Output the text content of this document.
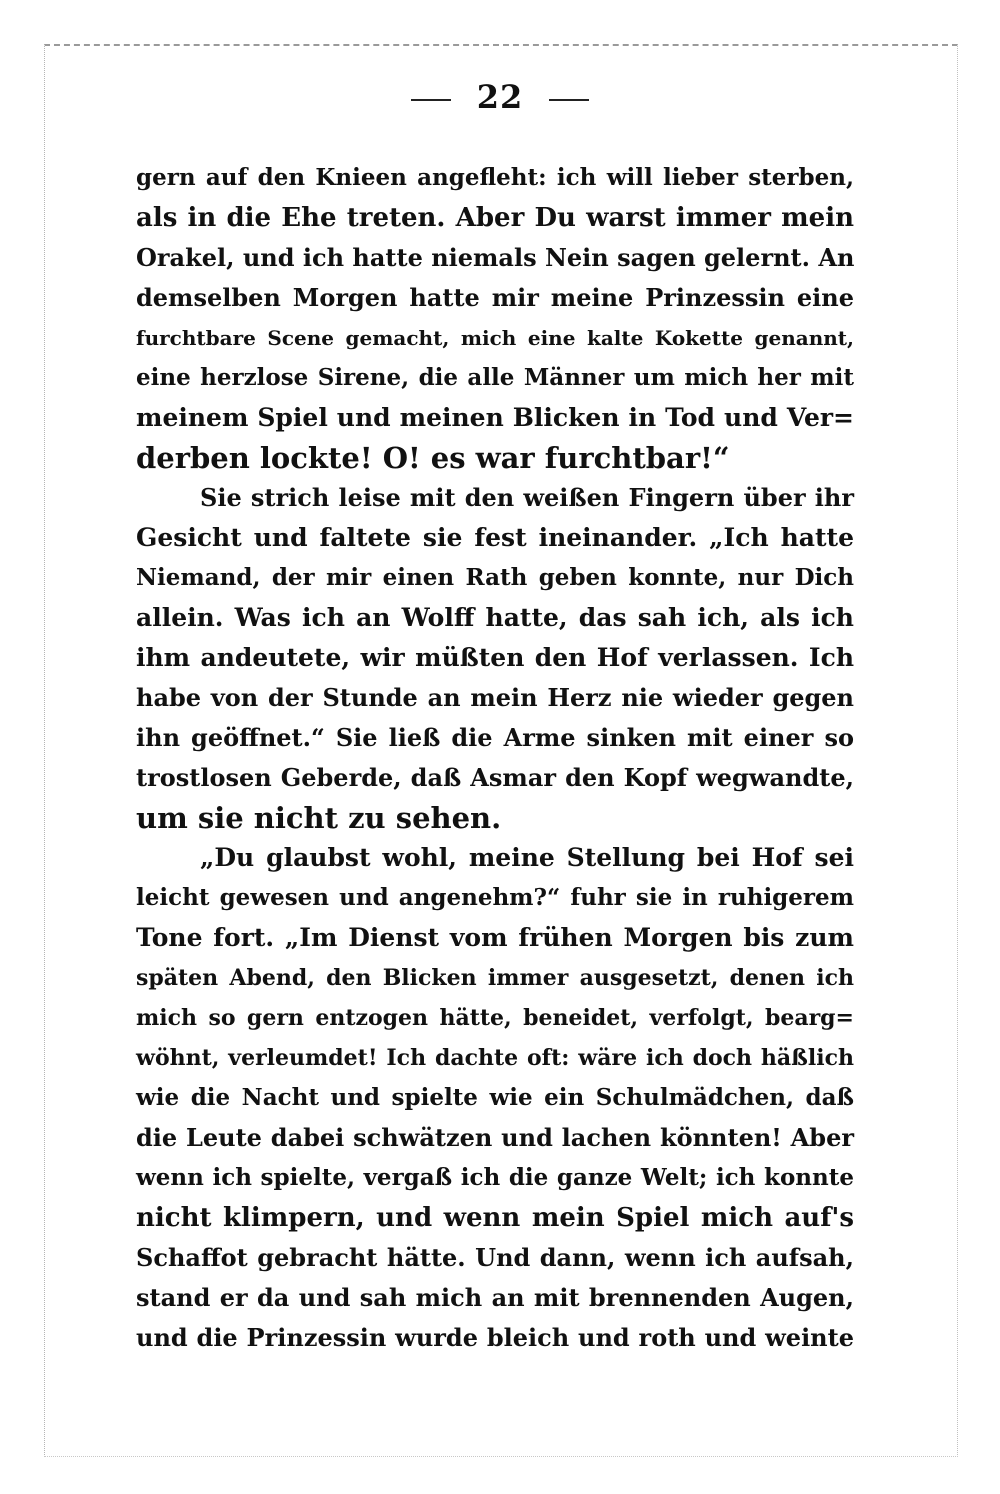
22
gern auf den Knieen angefleht: ich will lieber sterben,
als in die Ehe treten. Aber Du warst immer mein
Orakel, und ich hatte niemals Nein sagen gelernt. An
demselben Morgen hatte mir meine Prinzessin eine
furchtbare Scene gemacht, mich eine kalte Kokette genannt,
eine herzlose Sirene, die alle Männer um mich her mit
meinem Spiel und meinen Blicken in Tod und Ver=
derben lockte! O! es war furchtbar!“
Sie strich leise mit den weißen Fingern über ihr
Gesicht und faltete sie fest ineinander. „Ich hatte
Niemand, der mir einen Rath geben konnte, nur Dich
allein. Was ich an Wolff hatte, das sah ich, als ich
ihm andeutete, wir müßten den Hof verlassen. Ich
habe von der Stunde an mein Herz nie wieder gegen
ihn geöffnet.“ Sie ließ die Arme sinken mit einer so
trostlosen Geberde, daß Asmar den Kopf wegwandte,
um sie nicht zu sehen.
„Du glaubst wohl, meine Stellung bei Hof sei
leicht gewesen und angenehm?“ fuhr sie in ruhigerem
Tone fort. „Im Dienst vom frühen Morgen bis zum
späten Abend, den Blicken immer ausgesetzt, denen ich
mich so gern entzogen hätte, beneidet, verfolgt, bearg=
wöhnt, verleumdet! Ich dachte oft: wäre ich doch häßlich
wie die Nacht und spielte wie ein Schulmädchen, daß
die Leute dabei schwätzen und lachen könnten! Aber
wenn ich spielte, vergaß ich die ganze Welt; ich konnte
nicht klimpern, und wenn mein Spiel mich auf's
Schaffot gebracht hätte. Und dann, wenn ich aufsah,
stand er da und sah mich an mit brennenden Augen,
und die Prinzessin wurde bleich und roth und weinte
